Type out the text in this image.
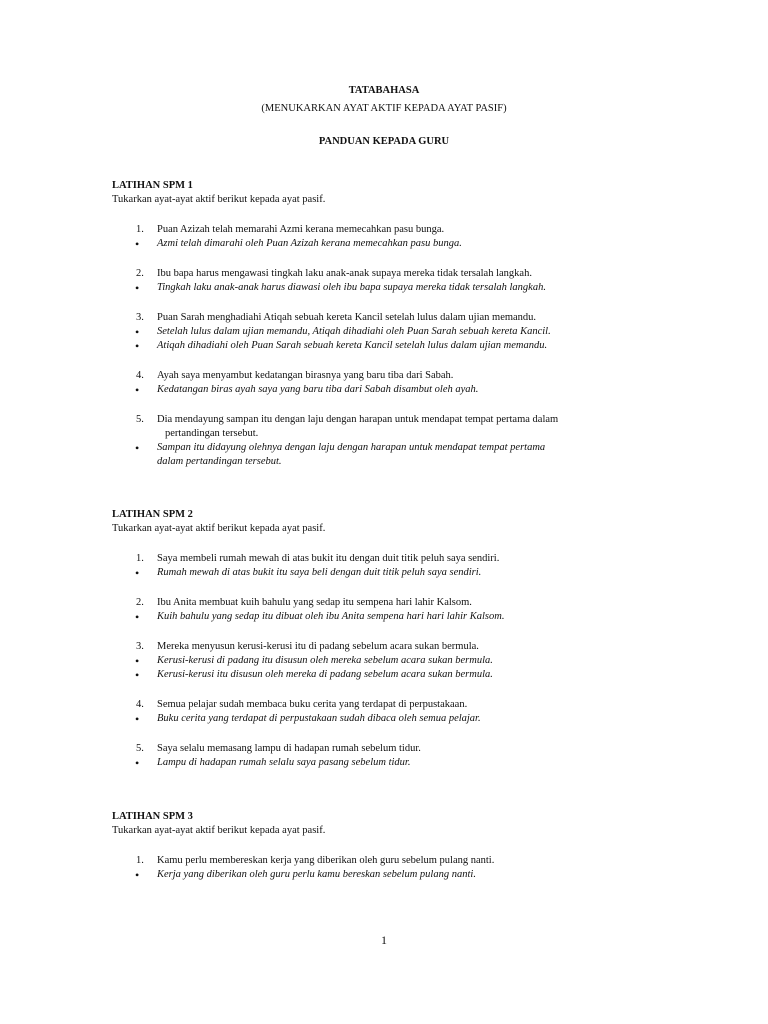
TATABAHASA
(MENUKARKAN AYAT AKTIF KEPADA AYAT PASIF)
PANDUAN KEPADA GURU
LATIHAN SPM 1
Tukarkan ayat-ayat aktif berikut kepada ayat pasif.
1.	Puan Azizah telah memarahi Azmi kerana memecahkan pasu bunga.
•	Azmi telah dimarahi oleh Puan Azizah kerana memecahkan pasu bunga.
2.	Ibu bapa harus mengawasi tingkah laku anak-anak supaya mereka tidak tersalah langkah.
•	Tingkah laku anak-anak harus diawasi oleh ibu bapa supaya mereka tidak tersalah langkah.
3.	Puan Sarah menghadiahi Atiqah sebuah kereta Kancil setelah lulus dalam ujian memandu.
•	Setelah lulus dalam ujian memandu, Atiqah dihadiahi oleh Puan Sarah sebuah kereta Kancil.
•	Atiqah dihadiahi oleh Puan Sarah sebuah kereta Kancil setelah lulus dalam ujian memandu.
4.	Ayah saya menyambut kedatangan birasnya yang baru tiba dari Sabah.
•	Kedatangan biras ayah saya yang baru tiba dari Sabah disambut oleh ayah.
5.	Dia mendayung sampan itu dengan laju dengan harapan untuk mendapat tempat pertama dalam
pertandingan tersebut.
•	Sampan itu didayung olehnya dengan laju dengan harapan untuk mendapat tempat pertama
dalam pertandingan tersebut.
LATIHAN SPM 2
Tukarkan ayat-ayat aktif berikut kepada ayat pasif.
1.	Saya membeli rumah mewah di atas bukit itu dengan duit titik peluh saya sendiri.
•	Rumah mewah di atas bukit itu saya beli dengan duit titik peluh saya sendiri.
2.	Ibu Anita membuat kuih bahulu yang sedap itu sempena hari lahir Kalsom.
•	Kuih bahulu yang sedap itu dibuat oleh ibu Anita sempena hari hari lahir Kalsom.
3.	Mereka menyusun kerusi-kerusi itu di padang sebelum acara sukan bermula.
•	Kerusi-kerusi di padang itu disusun oleh mereka sebelum acara sukan bermula.
•	Kerusi-kerusi itu disusun oleh mereka di padang sebelum acara sukan bermula.
4.	Semua pelajar sudah membaca buku cerita yang terdapat di perpustakaan.
•	Buku cerita yang terdapat di perpustakaan sudah dibaca oleh semua pelajar.
5.	Saya selalu memasang lampu di hadapan rumah sebelum tidur.
•	Lampu di hadapan rumah selalu saya pasang sebelum tidur.
LATIHAN SPM 3
Tukarkan ayat-ayat aktif berikut kepada ayat pasif.
1.	Kamu perlu membereskan kerja yang diberikan oleh guru sebelum pulang nanti.
•	Kerja yang diberikan oleh guru perlu kamu bereskan sebelum pulang nanti.
1
